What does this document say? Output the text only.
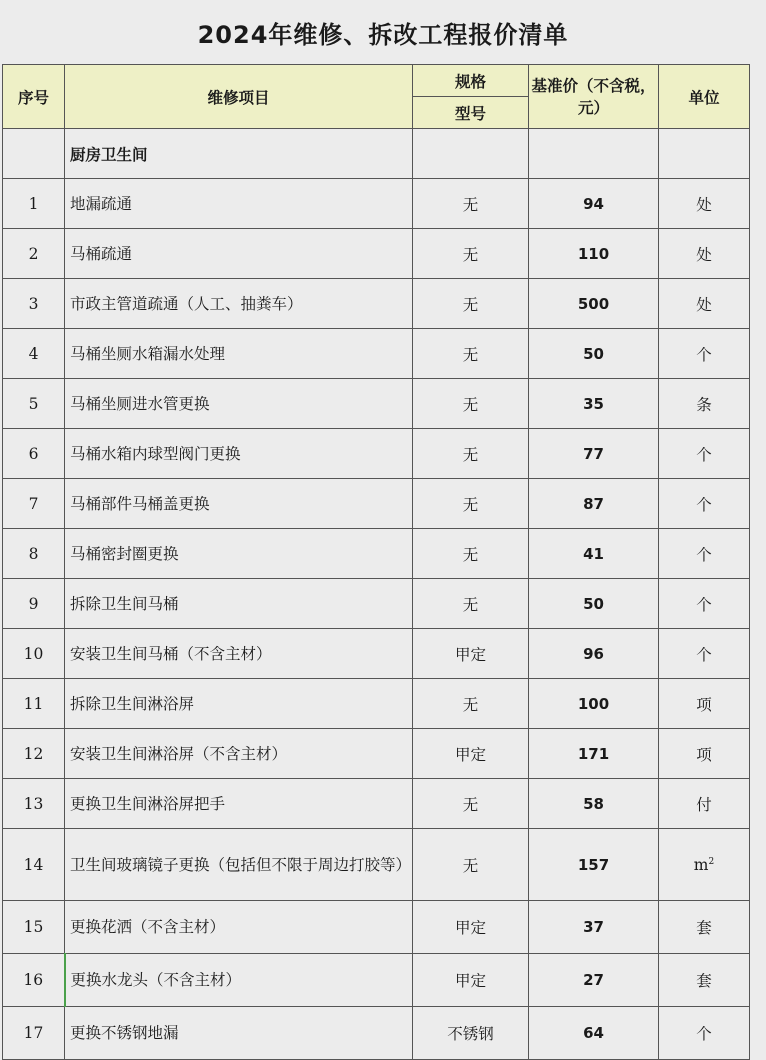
2024年维修、拆改工程报价清单
序号	维修项目	规格	基准价（不含税，元）	单位
		型号		
	厨房卫生间			
1	地漏疏通	无	94	处
2	马桶疏通	无	110	处
3	市政主管道疏通（人工、抽粪车）	无	500	处
4	马桶坐厕水箱漏水处理	无	50	个
5	马桶坐厕进水管更换	无	35	条
6	马桶水箱内球型阀门更换	无	77	个
7	马桶部件马桶盖更换	无	87	个
8	马桶密封圈更换	无	41	个
9	拆除卫生间马桶	无	50	个
10	安装卫生间马桶（不含主材）	甲定	96	个
11	拆除卫生间淋浴屏	无	100	项
12	安装卫生间淋浴屏（不含主材）	甲定	171	项
13	更换卫生间淋浴屏把手	无	58	付
14	卫生间玻璃镜子更换（包括但不限于周边打胶等）	无	157	$m^2$
15	更换花洒（不含主材）	甲定	37	套
16	更换水龙头（不含主材）	甲定	27	套
17	更换不锈钢地漏	不锈钢	64	个
